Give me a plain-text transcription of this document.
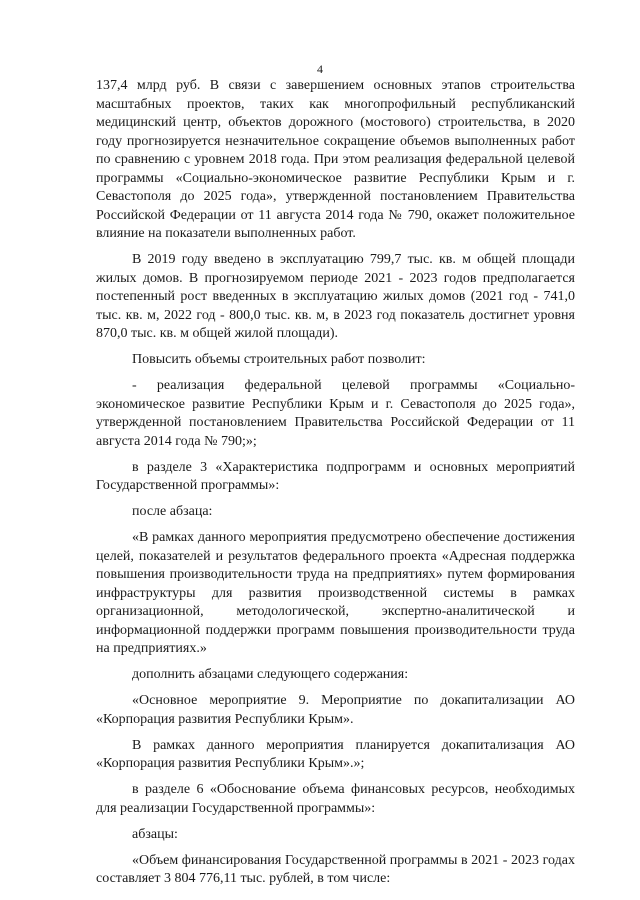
4

137,4 млрд руб. В связи с завершением основных этапов строительства масштабных проектов, таких как многопрофильный республиканский медицинский центр, объектов дорожного (мостового) строительства, в 2020 году прогнозируется незначительное сокращение объемов выполненных работ по сравнению с уровнем 2018 года. При этом реализация федеральной целевой программы «Социально-экономическое развитие Республики Крым и г. Севастополя до 2025 года», утвержденной постановлением Правительства Российской Федерации от 11 августа 2014 года № 790, окажет положительное влияние на показатели выполненных работ.

В 2019 году введено в эксплуатацию 799,7 тыс. кв. м общей площади жилых домов. В прогнозируемом периоде 2021 - 2023 годов предполагается постепенный рост введенных в эксплуатацию жилых домов (2021 год - 741,0 тыс. кв. м, 2022 год - 800,0 тыс. кв. м, в 2023 год показатель достигнет уровня 870,0 тыс. кв. м общей жилой площади).

Повысить объемы строительных работ позволит:

- реализация федеральной целевой программы «Социально-экономическое развитие Республики Крым и г. Севастополя до 2025 года», утвержденной постановлением Правительства Российской Федерации от 11 августа 2014 года № 790;»;

в разделе 3 «Характеристика подпрограмм и основных мероприятий Государственной программы»:

после абзаца:

«В рамках данного мероприятия предусмотрено обеспечение достижения целей, показателей и результатов федерального проекта «Адресная поддержка повышения производительности труда на предприятиях» путем формирования инфраструктуры для развития производственной системы в рамках организационной, методологической, экспертно-аналитической и информационной поддержки программ повышения производительности труда на предприятиях.»

дополнить абзацами следующего содержания:

«Основное мероприятие 9. Мероприятие по докапитализации АО «Корпорация развития Республики Крым».

В рамках данного мероприятия планируется докапитализация АО «Корпорация развития Республики Крым».»;

в разделе 6 «Обоснование объема финансовых ресурсов, необходимых для реализации Государственной программы»:

абзацы:

«Объем финансирования Государственной программы в 2021 - 2023 годах составляет 3 804 776,11 тыс. рублей, в том числе:
